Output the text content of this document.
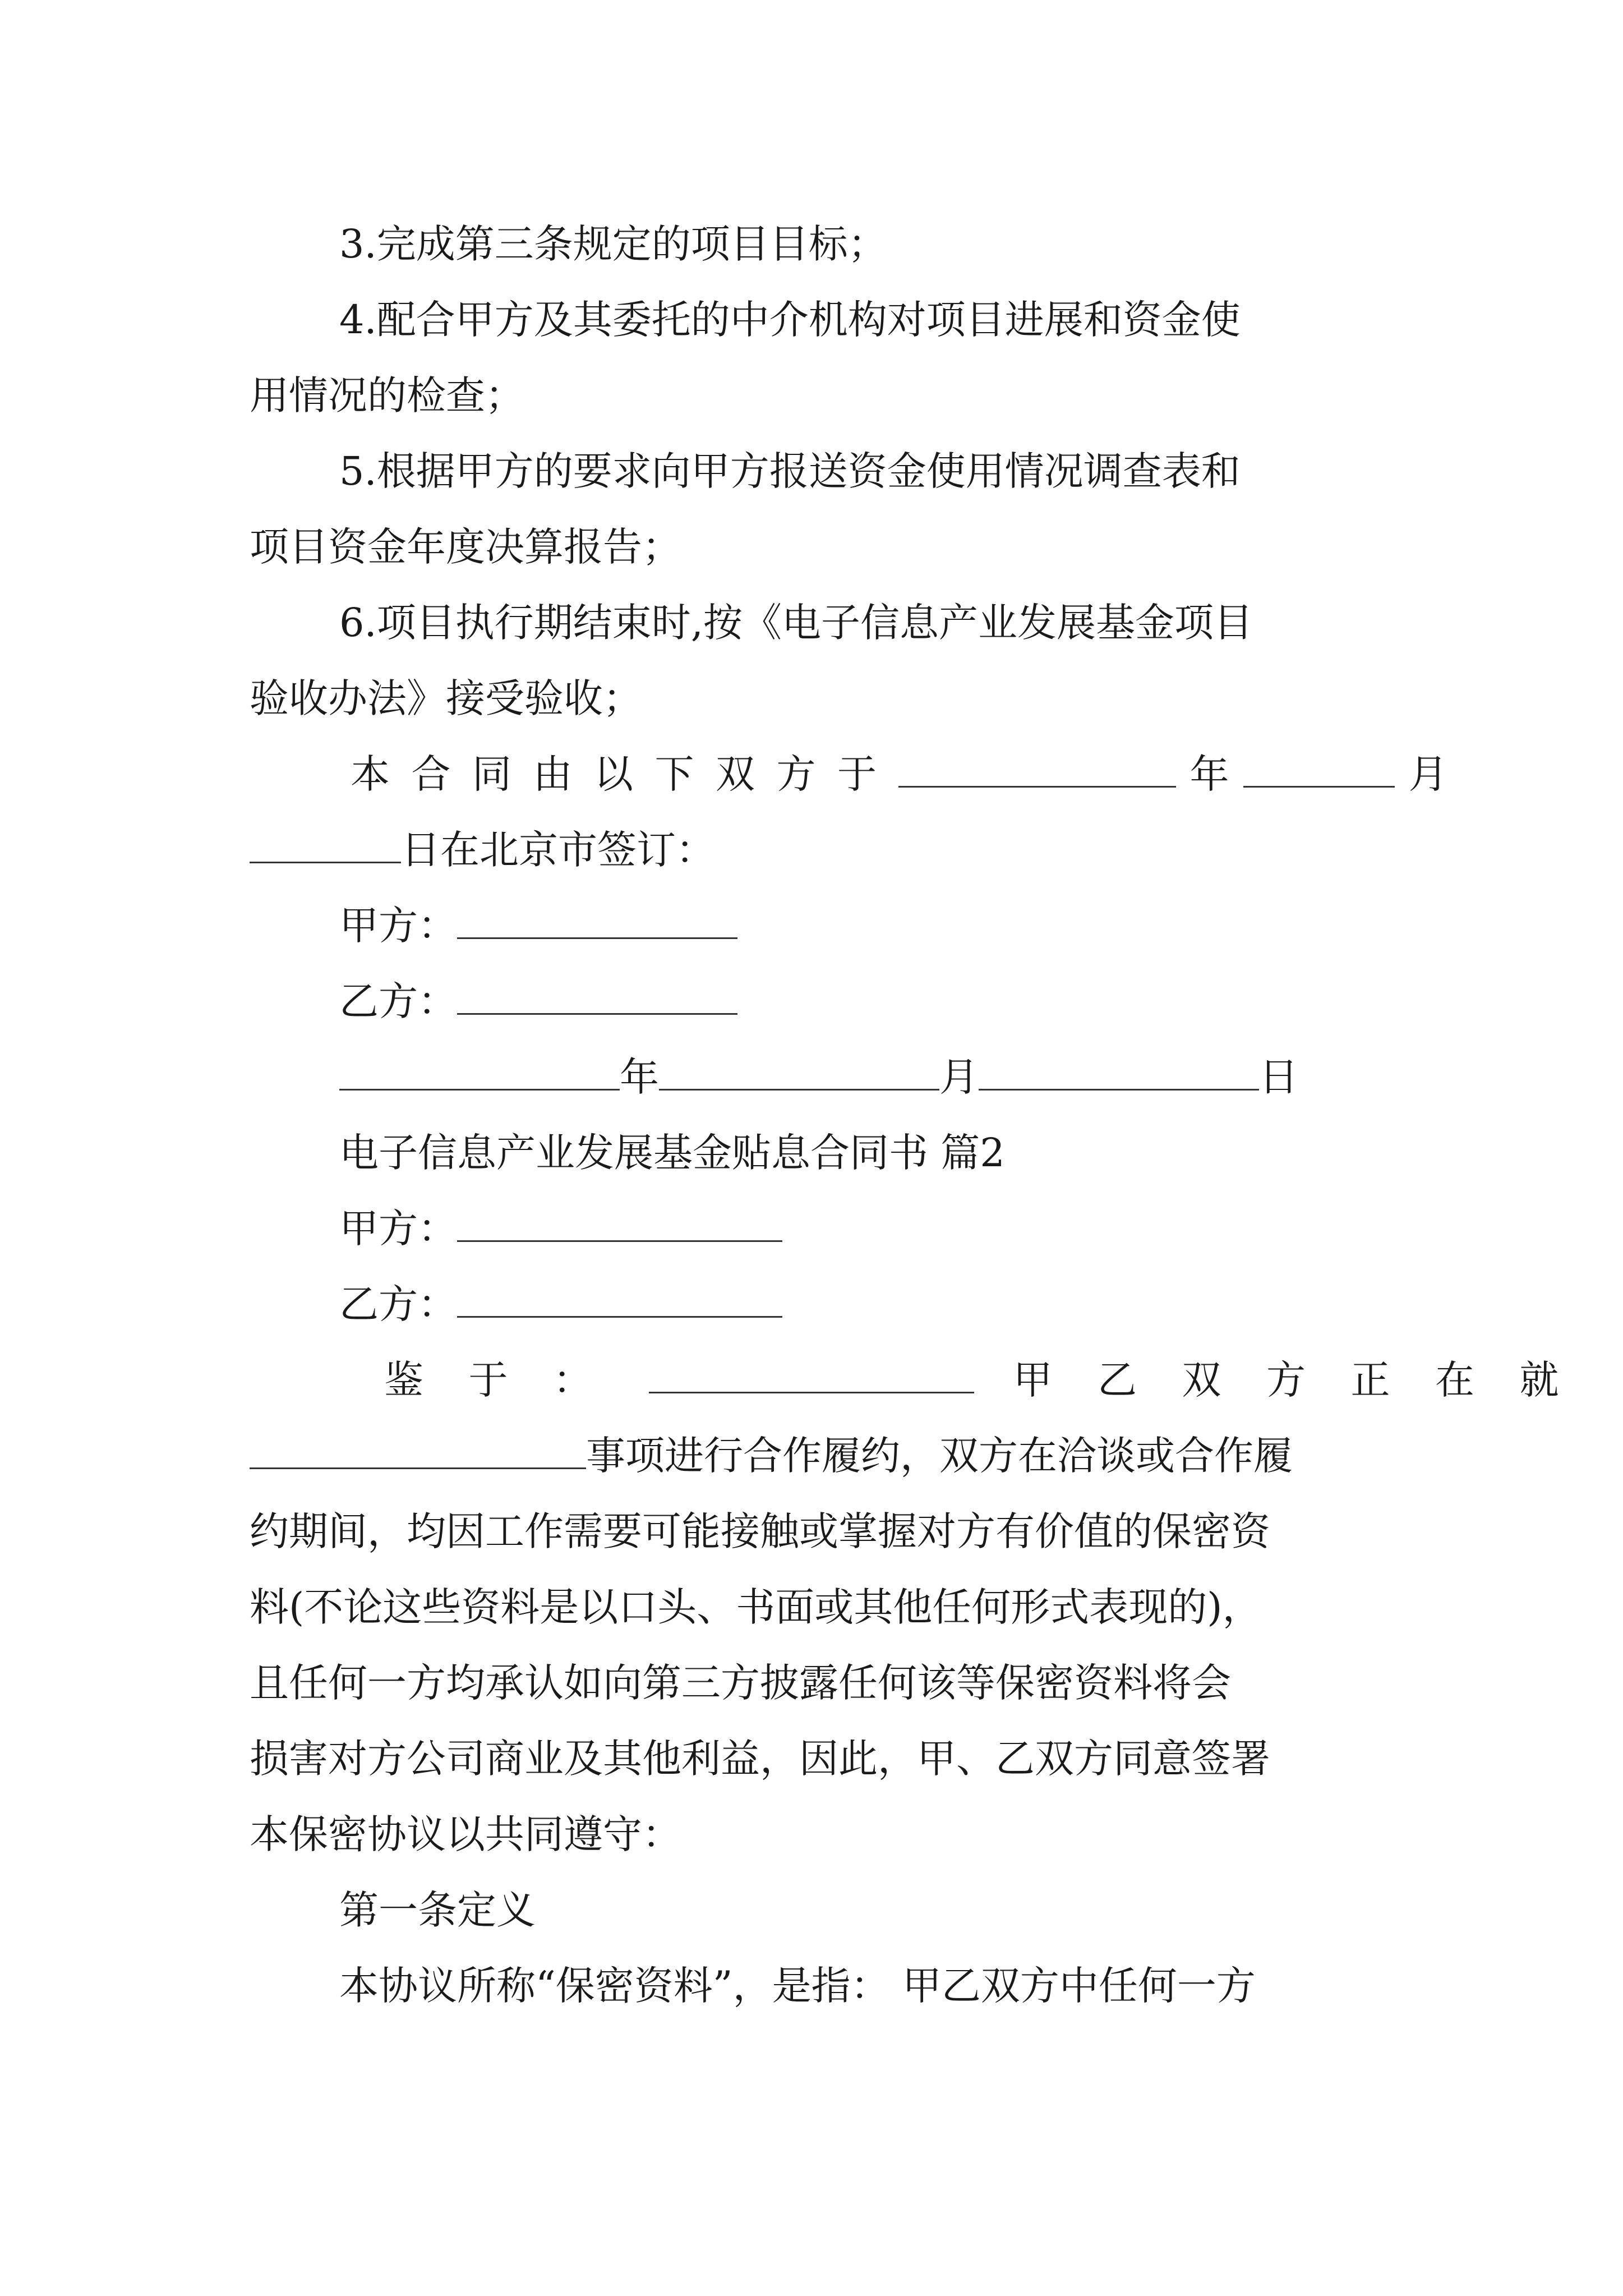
3.完成第三条规定的项目目标；
4.配合甲方及其委托的中介机构对项目进展和资金使
用情况的检查；
5.根据甲方的要求向甲方报送资金使用情况调查表和
项目资金年度决算报告；
6.项目执行期结束时,按《电子信息产业发展基金项目
验收办法》接受验收；
本合同由以下双方于	年	月
日在北京市签订：
甲方：
乙方：
年	月	日
电子信息产业发展基金贴息合同书 篇2
甲方：
乙方：
鉴于：	甲乙双方正在就
事项进行合作履约，双方在洽谈或合作履
约期间，均因工作需要可能接触或掌握对方有价值的保密资
料(不论这些资料是以口头、书面或其他任何形式表现的)，
且任何一方均承认如向第三方披露任何该等保密资料将会
损害对方公司商业及其他利益，因此，甲、乙双方同意签署
本保密协议以共同遵守：
第一条定义
本协议所称“保密资料”，是指： 甲乙双方中任何一方
